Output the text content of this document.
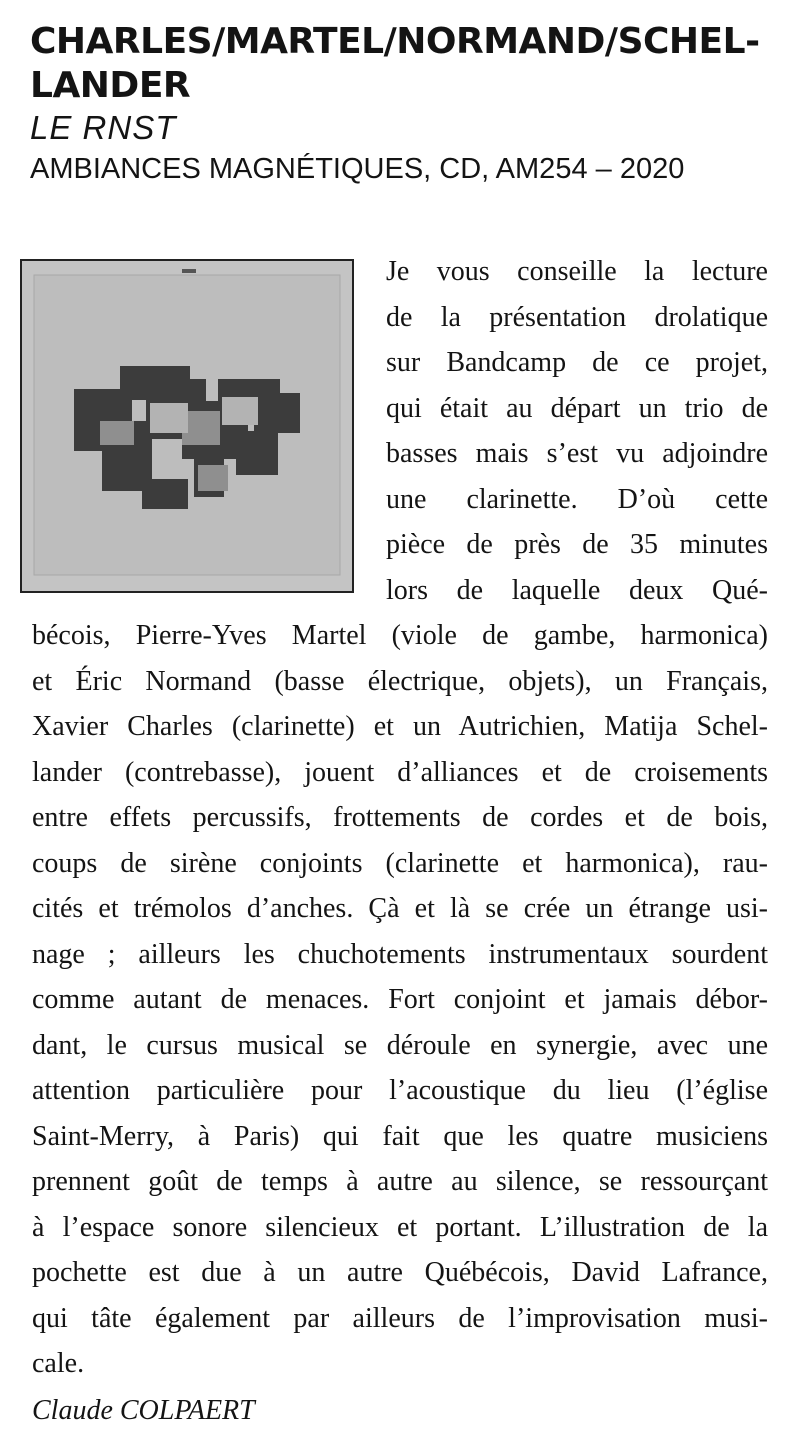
CHARLES/MARTEL/NORMAND/SCHEL-
LANDER
LE RNST
AMBIANCES MAGNÉTIQUES, CD, AM254 – 2020
Je vous conseille la lecture
de la présentation drolatique
sur Bandcamp de ce projet,
qui était au départ un trio de
basses mais s’est vu adjoindre
une clarinette. D’où cette
pièce de près de 35 minutes
lors de laquelle deux Qué-
bécois, Pierre-Yves Martel (viole de gambe, harmonica)
et Éric Normand (basse électrique, objets), un Français,
Xavier Charles (clarinette) et un Autrichien, Matija Schel-
lander (contrebasse), jouent d’alliances et de croisements
entre effets percussifs, frottements de cordes et de bois,
coups de sirène conjoints (clarinette et harmonica), rau-
cités et trémolos d’anches. Çà et là se crée un étrange usi-
nage ; ailleurs les chuchotements instrumentaux sourdent
comme autant de menaces. Fort conjoint et jamais débor-
dant, le cursus musical se déroule en synergie, avec une
attention particulière pour l’acoustique du lieu (l’église
Saint-Merry, à Paris) qui fait que les quatre musiciens
prennent goût de temps à autre au silence, se ressourçant
à l’espace sonore silencieux et portant. L’illustration de la
pochette est due à un autre Québécois, David Lafrance,
qui tâte également par ailleurs de l’improvisation musi-
cale.
Claude COLPAERT
